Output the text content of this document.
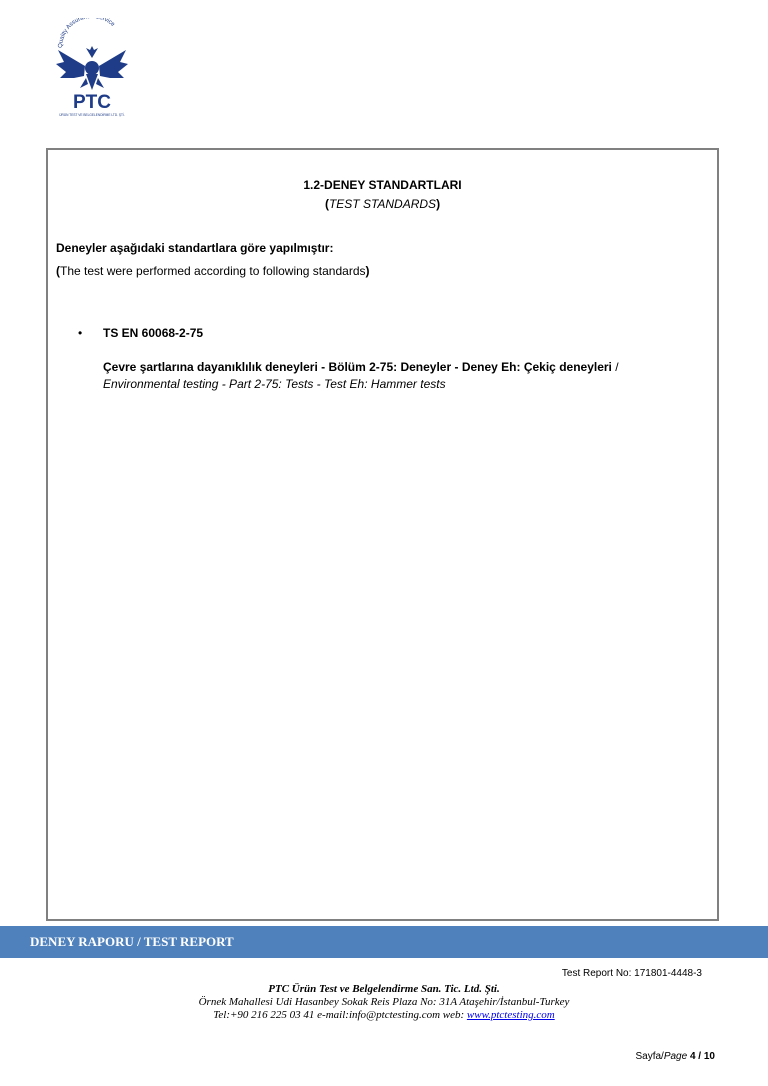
Quality Assura ervice
PTC
ÜRÜN TEST VE BELGELENDİRME LTD. ŞTİ.
1.2-DENEY STANDARTLARI
(TEST STANDARDS)
Deneyler aşağıdaki standartlara göre yapılmıştır:
(The test were performed according to following standards)
• TS EN 60068-2-75
Çevre şartlarına dayanıklılık deneyleri - Bölüm 2-75: Deneyler - Deney Eh: Çekiç deneyleri /
Environmental testing - Part 2-75: Tests - Test Eh: Hammer tests
DENEY RAPORU / TEST REPORT
Test Report No: 171801-4448-3
PTC Ürün Test ve Belgelendirme San. Tic. Ltd. Şti.
Örnek Mahallesi Udi Hasanbey Sokak Reis Plaza No: 31A Ataşehir/İstanbul-Turkey
Tel:+90 216 225 03 41 e-mail:info@ptctesting.com web: www.ptctesting.com
Sayfa/Page 4 / 10
